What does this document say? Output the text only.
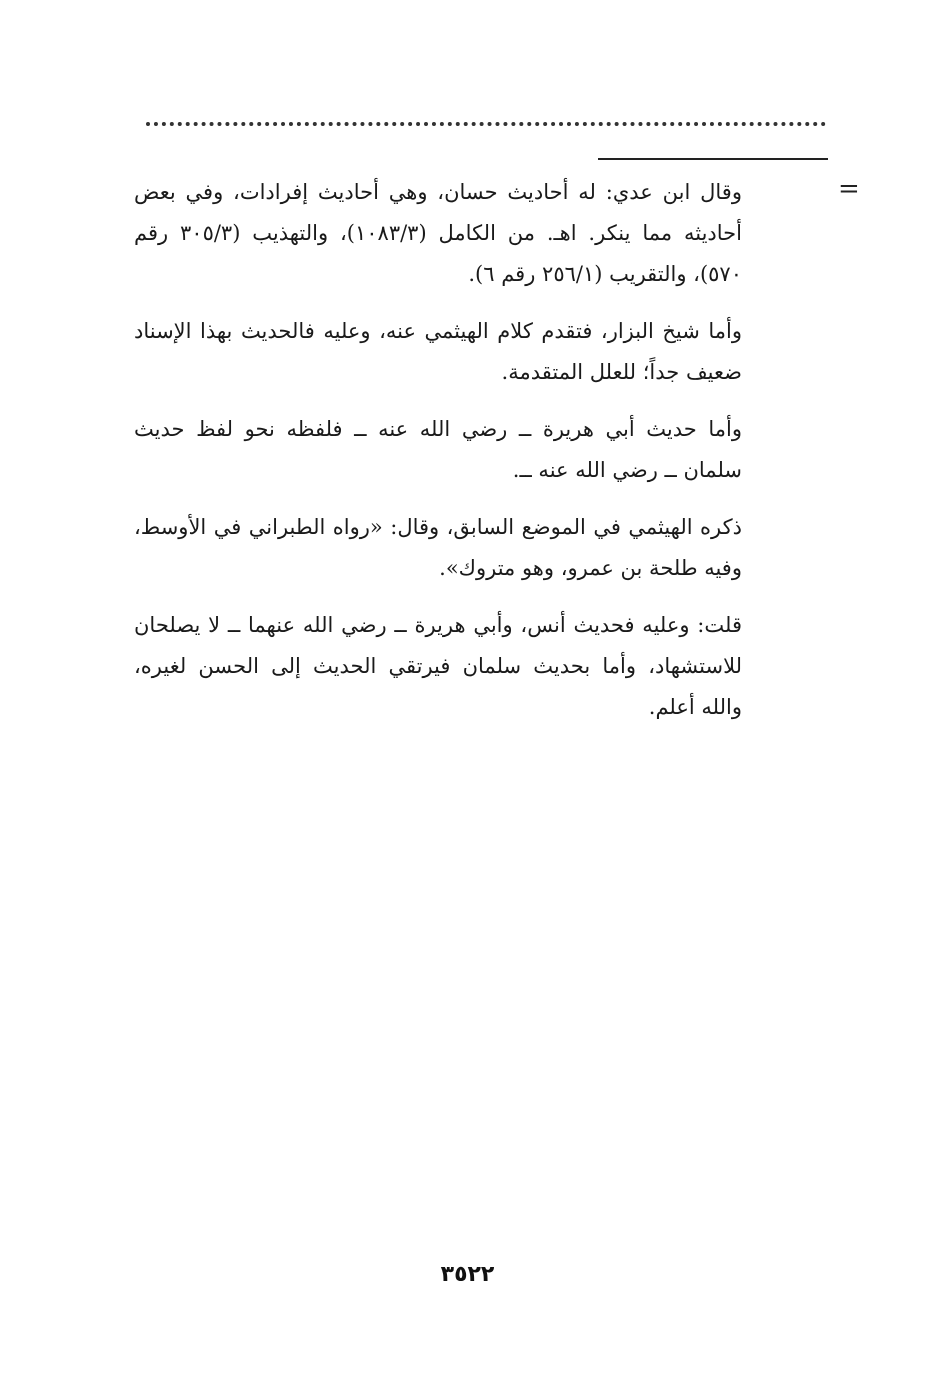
=

وقال ابن عدي: له أحاديث حسان، وهي أحاديث إفرادات، وفي بعض أحاديثه مما ينكر. اهـ. من الكامل (١٠٨٣/٣)، والتهذيب (٣٠٥/٣ رقم ٥٧٠)، والتقريب (٢٥٦/١ رقم ٦).

وأما شيخ البزار، فتقدم كلام الهيثمي عنه، وعليه فالحديث بهذا الإسناد ضعيف جداً؛ للعلل المتقدمة.

وأما حديث أبي هريرة ــ رضي الله عنه ــ فلفظه نحو لفظ حديث سلمان ــ رضي الله عنه ــ.

ذكره الهيثمي في الموضع السابق، وقال: «رواه الطبراني في الأوسط، وفيه طلحة بن عمرو، وهو متروك».

قلت: وعليه فحديث أنس، وأبي هريرة ــ رضي الله عنهما ــ لا يصلحان للاستشهاد، وأما بحديث سلمان فيرتقي الحديث إلى الحسن لغيره، والله أعلم.

٣٥٢٢
